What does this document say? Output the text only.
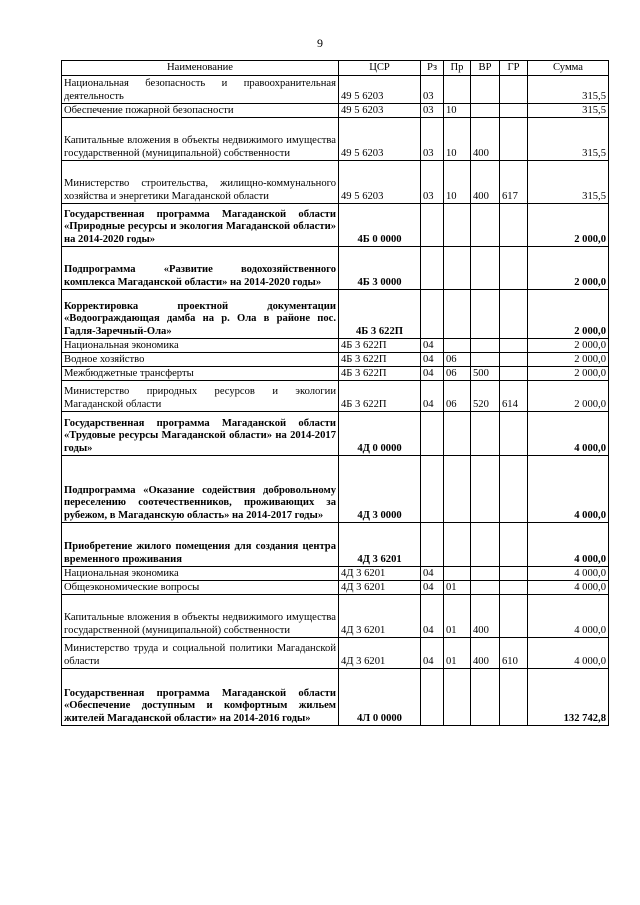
9
Наименование	ЦСР	Рз	Пр	ВР	ГР	Сумма
Национальная безопасность и правоохранительная деятельность	49 5 6203	03				315,5
Обеспечение пожарной безопасности	49 5 6203	03	10			315,5
Капитальные вложения в объекты недвижимого имущества государственной (муниципальной) собственности	49 5 6203	03	10	400		315,5
Министерство строительства, жилищно-коммунального хозяйства и энергетики Магаданской области	49 5 6203	03	10	400	617	315,5
Государственная программа Магаданской области «Природные ресурсы и экология Магаданской области» на 2014-2020 годы»	4Б 0 0000					2 000,0
Подпрограмма «Развитие водохозяйственного комплекса Магаданской области» на 2014-2020 годы»	4Б 3 0000					2 000,0
Корректировка проектной документации «Водоограждающая дамба на р. Ола в районе пос. Гадля-Заречный-Ола»	4Б 3 622П					2 000,0
Национальная экономика	4Б 3 622П	04				2 000,0
Водное хозяйство	4Б 3 622П	04	06			2 000,0
Межбюджетные трансферты	4Б 3 622П	04	06	500		2 000,0
Министерство природных ресурсов и экологии Магаданской области	4Б 3 622П	04	06	520	614	2 000,0
Государственная программа Магаданской области «Трудовые ресурсы Магаданской области» на 2014-2017 годы»	4Д 0 0000					4 000,0
Подпрограмма «Оказание содействия добровольному переселению соотечественников, проживающих за рубежом, в Магаданскую область» на 2014-2017 годы»	4Д 3 0000					4 000,0
Приобретение жилого помещения для создания центра временного проживания	4Д 3 6201					4 000,0
Национальная экономика	4Д 3 6201	04				4 000,0
Общеэкономические вопросы	4Д 3 6201	04	01			4 000,0
Капитальные вложения в объекты недвижимого имущества государственной (муниципальной) собственности	4Д 3 6201	04	01	400		4 000,0
Министерство труда и социальной политики Магаданской области	4Д 3 6201	04	01	400	610	4 000,0
Государственная программа Магаданской области «Обеспечение доступным и комфортным жильем жителей Магаданской области» на 2014-2016 годы»	4Л 0 0000					132 742,8
